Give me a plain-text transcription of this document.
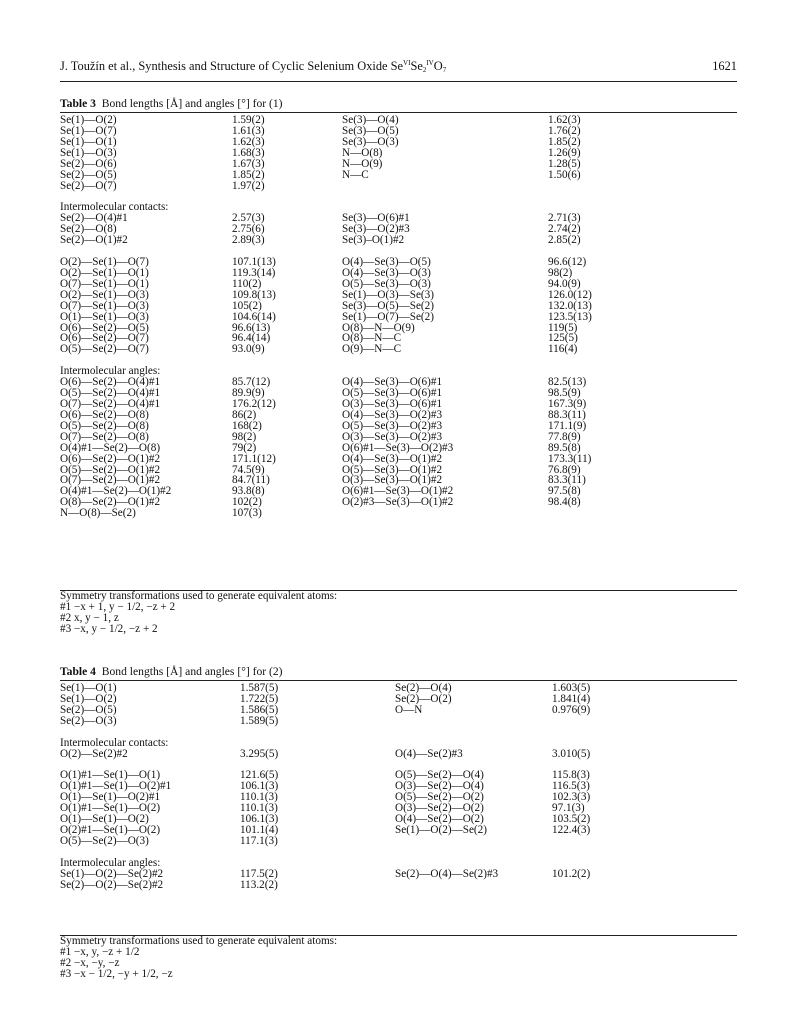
J. Toužín et al., Synthesis and Structure of Cyclic Selenium Oxide $Se^{VI}Se_2^{IV}O_7$	1621
Table 3 Bond lengths [Å] and angles [°] for (1)
Se(1)—O(2)	1.59(2)	Se(3)—O(4)	1.62(3)
Se(1)—O(7)	1.61(3)	Se(3)—O(5)	1.76(2)
Se(1)—O(1)	1.62(3)	Se(3)—O(3)	1.85(2)
Se(1)—O(3)	1.68(3)	N—O(8)	1.26(9)
Se(2)—O(6)	1.67(3)	N—O(9)	1.28(5)
Se(2)—O(5)	1.85(2)	N—C	1.50(6)
Se(2)—O(7)	1.97(2)
Intermolecular contacts:
Se(2)—O(4)#1	2.57(3)	Se(3)—O(6)#1	2.71(3)
Se(2)—O(8)	2.75(6)	Se(3)—O(2)#3	2.74(2)
Se(2)—O(1)#2	2.89(3)	Se(3)–O(1)#2	2.85(2)
O(2)—Se(1)—O(7)	107.1(13)	O(4)—Se(3)—O(5)	96.6(12)
O(2)—Se(1)—O(1)	119.3(14)	O(4)—Se(3)—O(3)	98(2)
O(7)—Se(1)—O(1)	110(2)	O(5)—Se(3)—O(3)	94.0(9)
O(2)—Se(1)—O(3)	109.8(13)	Se(1)—O(3)—Se(3)	126.0(12)
O(7)—Se(1)—O(3)	105(2)	Se(3)—O(5)—Se(2)	132.0(13)
O(1)—Se(1)—O(3)	104.6(14)	Se(1)—O(7)—Se(2)	123.5(13)
O(6)—Se(2)—O(5)	96.6(13)	O(8)—N—O(9)	119(5)
O(6)—Se(2)—O(7)	96.4(14)	O(8)—N—C	125(5)
O(5)—Se(2)—O(7)	93.0(9)	O(9)—N—C	116(4)
Intermolecular angles:
O(6)—Se(2)—O(4)#1	85.7(12)	O(4)—Se(3)—O(6)#1	82.5(13)
O(5)—Se(2)—O(4)#1	89.9(9)	O(5)—Se(3)—O(6)#1	98.5(9)
O(7)—Se(2)—O(4)#1	176.2(12)	O(3)—Se(3)—O(6)#1	167.3(9)
O(6)—Se(2)—O(8)	86(2)	O(4)—Se(3)—O(2)#3	88.3(11)
O(5)—Se(2)—O(8)	168(2)	O(5)—Se(3)—O(2)#3	171.1(9)
O(7)—Se(2)—O(8)	98(2)	O(3)—Se(3)—O(2)#3	77.8(9)
O(4)#1—Se(2)—O(8)	79(2)	O(6)#1—Se(3)—O(2)#3	89.5(8)
O(6)—Se(2)—O(1)#2	171.1(12)	O(4)—Se(3)—O(1)#2	173.3(11)
O(5)—Se(2)—O(1)#2	74.5(9)	O(5)—Se(3)—O(1)#2	76.8(9)
O(7)—Se(2)—O(1)#2	84.7(11)	O(3)—Se(3)—O(1)#2	83.3(11)
O(4)#1—Se(2)—O(1)#2	93.8(8)	O(6)#1—Se(3)—O(1)#2	97.5(8)
O(8)—Se(2)—O(1)#2	102(2)	O(2)#3—Se(3)—O(1)#2	98.4(8)
N—O(8)—Se(2)	107(3)
Symmetry transformations used to generate equivalent atoms:
#1 −x + 1, y − 1/2, −z + 2
#2 x, y − 1, z
#3 −x, y − 1/2, −z + 2
Table 4 Bond lengths [Å] and angles [°] for (2)
Se(1)—O(1)	1.587(5)	Se(2)—O(4)	1.603(5)
Se(1)—O(2)	1.722(5)	Se(2)—O(2)	1.841(4)
Se(2)—O(5)	1.586(5)	O—N	0.976(9)
Se(2)—O(3)	1.589(5)
Intermolecular contacts:
O(2)—Se(2)#2	3.295(5)	O(4)—Se(2)#3	3.010(5)
O(1)#1—Se(1)—O(1)	121.6(5)	O(5)—Se(2)—O(4)	115.8(3)
O(1)#1—Se(1)—O(2)#1	106.1(3)	O(3)—Se(2)—O(4)	116.5(3)
O(1)—Se(1)—O(2)#1	110.1(3)	O(5)—Se(2)—O(2)	102.3(3)
O(1)#1—Se(1)—O(2)	110.1(3)	O(3)—Se(2)—O(2)	97.1(3)
O(1)—Se(1)—O(2)	106.1(3)	O(4)—Se(2)—O(2)	103.5(2)
O(2)#1—Se(1)—O(2)	101.1(4)	Se(1)—O(2)—Se(2)	122.4(3)
O(5)—Se(2)—O(3)	117.1(3)
Intermolecular angles:
Se(1)—O(2)—Se(2)#2	117.5(2)	Se(2)—O(4)—Se(2)#3	101.2(2)
Se(2)—O(2)—Se(2)#2	113.2(2)
Symmetry transformations used to generate equivalent atoms:
#1 −x, y, −z + 1/2
#2 −x, −y, −z
#3 −x − 1/2, −y + 1/2, −z
